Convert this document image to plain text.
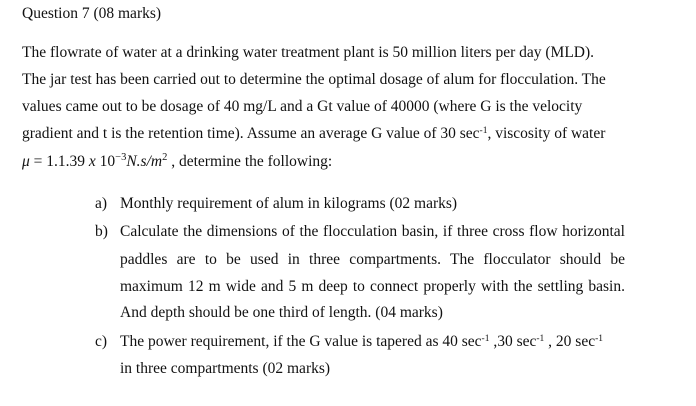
Question 7 (08 marks)
The flowrate of water at a drinking water treatment plant is 50 million liters per day (MLD).
The jar test has been carried out to determine the optimal dosage of alum for flocculation. The
values came out to be dosage of 40 mg/L and a Gt value of 40000 (where G is the velocity
gradient and t is the retention time). Assume an average G value of 30 $\sec^{-1}$, viscosity of water
μ = 1.1.39 x $10^{-3}N.s/m^2$ , determine the following:
a) Monthly requirement of alum in kilograms (02 marks)
b) Calculate the dimensions of the flocculation basin, if three cross flow horizontal
paddles are to be used in three compartments. The flocculator should be
maximum 12 m wide and 5 m deep to connect properly with the settling basin.
And depth should be one third of length. (04 marks)
c) The power requirement, if the G value is tapered as 40 $\sec^{-1} ,30$ $\sec^{-1}$ , 20 $\sec^{-1}$
in three compartments (02 marks)
